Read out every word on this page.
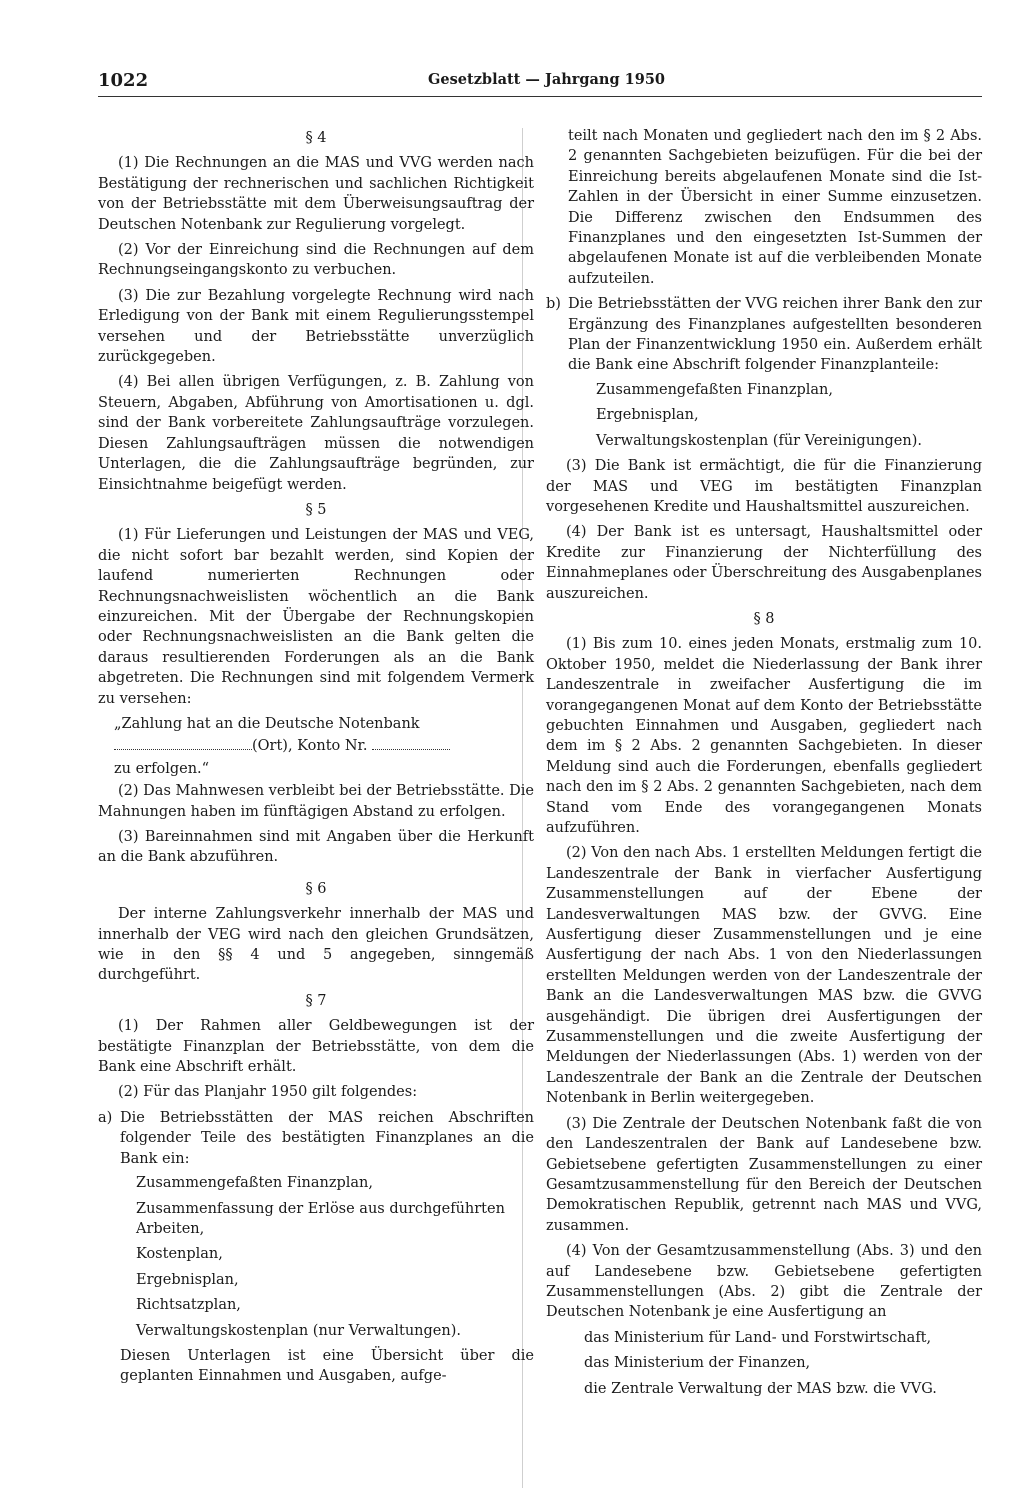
1022	Gesetzblatt — Jahrgang 1950

§ 4

(1) Die Rechnungen an die MAS und VVG werden nach Bestätigung der rechnerischen und sachlichen Richtigkeit von der Betriebsstätte mit dem Überweisungsauftrag der Deutschen Notenbank zur Regulierung vorgelegt.

(2) Vor der Einreichung sind die Rechnungen auf dem Rechnungseingangskonto zu verbuchen.

(3) Die zur Bezahlung vorgelegte Rechnung wird nach Erledigung von der Bank mit einem Regulierungsstempel versehen und der Betriebsstätte unverzüglich zurückgegeben.

(4) Bei allen übrigen Verfügungen, z. B. Zahlung von Steuern, Abgaben, Abführung von Amortisationen u. dgl. sind der Bank vorbereitete Zahlungsaufträge vorzulegen. Diesen Zahlungsaufträgen müssen die notwendigen Unterlagen, die die Zahlungsaufträge begründen, zur Einsichtnahme beigefügt werden.

§ 5

(1) Für Lieferungen und Leistungen der MAS und VEG, die nicht sofort bar bezahlt werden, sind Kopien der laufend numerierten Rechnungen oder Rechnungsnachweislisten wöchentlich an die Bank einzureichen. Mit der Übergabe der Rechnungskopien oder Rechnungsnachweislisten an die Bank gelten die daraus resultierenden Forderungen als an die Bank abgetreten. Die Rechnungen sind mit folgendem Vermerk zu versehen:

„Zahlung hat an die Deutsche Notenbank

(Ort), Konto Nr.

zu erfolgen.“

(2) Das Mahnwesen verbleibt bei der Betriebsstätte. Die Mahnungen haben im fünftägigen Abstand zu erfolgen.

(3) Bareinnahmen sind mit Angaben über die Herkunft an die Bank abzuführen.

§ 6

Der interne Zahlungsverkehr innerhalb der MAS und innerhalb der VEG wird nach den gleichen Grundsätzen, wie in den §§ 4 und 5 angegeben, sinngemäß durchgeführt.

§ 7

(1) Der Rahmen aller Geldbewegungen ist der bestätigte Finanzplan der Betriebsstätte, von dem die Bank eine Abschrift erhält.

(2) Für das Planjahr 1950 gilt folgendes:

a) Die Betriebsstätten der MAS reichen Abschriften folgender Teile des bestätigten Finanzplanes an die Bank ein:
Zusammengefaßten Finanzplan,
Zusammenfassung der Erlöse aus durchgeführten Arbeiten,
Kostenplan,
Ergebnisplan,
Richtsatzplan,
Verwaltungskostenplan (nur Verwaltungen).

Diesen Unterlagen ist eine Übersicht über die geplanten Einnahmen und Ausgaben, aufge-

teilt nach Monaten und gegliedert nach den im § 2 Abs. 2 genannten Sachgebieten beizufügen. Für die bei der Einreichung bereits abgelaufenen Monate sind die Ist-Zahlen in der Übersicht in einer Summe einzusetzen. Die Differenz zwischen den Endsummen des Finanzplanes und den eingesetzten Ist-Summen der abgelaufenen Monate ist auf die verbleibenden Monate aufzuteilen.

b) Die Betriebsstätten der VVG reichen ihrer Bank den zur Ergänzung des Finanzplanes aufgestellten besonderen Plan der Finanzentwicklung 1950 ein. Außerdem erhält die Bank eine Abschrift folgender Finanzplanteile:
Zusammengefaßten Finanzplan,
Ergebnisplan,
Verwaltungskostenplan (für Vereinigungen).

(3) Die Bank ist ermächtigt, die für die Finanzierung der MAS und VEG im bestätigten Finanzplan vorgesehenen Kredite und Haushaltsmittel auszureichen.

(4) Der Bank ist es untersagt, Haushaltsmittel oder Kredite zur Finanzierung der Nichterfüllung des Einnahmeplanes oder Überschreitung des Ausgabenplanes auszureichen.

§ 8

(1) Bis zum 10. eines jeden Monats, erstmalig zum 10. Oktober 1950, meldet die Niederlassung der Bank ihrer Landeszentrale in zweifacher Ausfertigung die im vorangegangenen Monat auf dem Konto der Betriebsstätte gebuchten Einnahmen und Ausgaben, gegliedert nach dem im § 2 Abs. 2 genannten Sachgebieten. In dieser Meldung sind auch die Forderungen, ebenfalls gegliedert nach den im § 2 Abs. 2 genannten Sachgebieten, nach dem Stand vom Ende des vorangegangenen Monats aufzuführen.

(2) Von den nach Abs. 1 erstellten Meldungen fertigt die Landeszentrale der Bank in vierfacher Ausfertigung Zusammenstellungen auf der Ebene der Landesverwaltungen MAS bzw. der GVVG. Eine Ausfertigung dieser Zusammenstellungen und je eine Ausfertigung der nach Abs. 1 von den Niederlassungen erstellten Meldungen werden von der Landeszentrale der Bank an die Landesverwaltungen MAS bzw. die GVVG ausgehändigt. Die übrigen drei Ausfertigungen der Zusammenstellungen und die zweite Ausfertigung der Meldungen der Niederlassungen (Abs. 1) werden von der Landeszentrale der Bank an die Zentrale der Deutschen Notenbank in Berlin weitergegeben.

(3) Die Zentrale der Deutschen Notenbank faßt die von den Landeszentralen der Bank auf Landesebene bzw. Gebietsebene gefertigten Zusammenstellungen zu einer Gesamtzusammenstellung für den Bereich der Deutschen Demokratischen Republik, getrennt nach MAS und VVG, zusammen.

(4) Von der Gesamtzusammenstellung (Abs. 3) und den auf Landesebene bzw. Gebietsebene gefertigten Zusammenstellungen (Abs. 2) gibt die Zentrale der Deutschen Notenbank je eine Ausfertigung an

das Ministerium für Land- und Forstwirtschaft,
das Ministerium der Finanzen,
die Zentrale Verwaltung der MAS bzw. die VVG.
